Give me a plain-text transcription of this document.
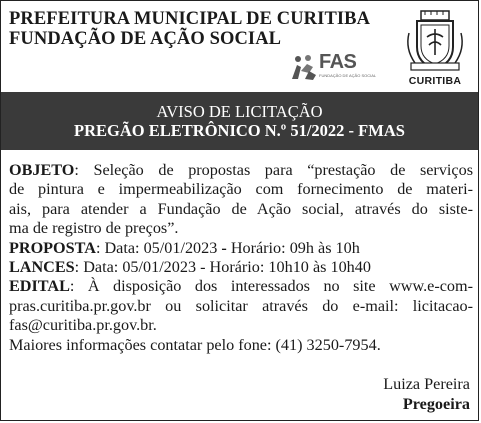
PREFEITURA MUNICIPAL DE CURITIBA
FUNDAÇÃO DE AÇÃO SOCIAL
FAS
FUNDAÇÃO DE AÇÃO SOCIAL	CURITIBA
AVISO DE LICITAÇÃO
PREGÃO ELETRÔNICO N.º 51/2022 - FMAS

OBJETO: Seleção de propostas para “prestação de serviços

de pintura e impermeabilização com fornecimento de materi-

ais, para atender a Fundação de Ação social, através do siste-

ma de registro de preços”.

PROPOSTA: Data: 05/01/2023 - Horário: 09h às 10h

LANCES: Data: 05/01/2023 - Horário: 10h10 às 10h40

EDITAL: À disposição dos interessados no site www.e-com-

pras.curitiba.pr.gov.br ou solicitar através do e-mail: licitacao-

fas@curitiba.pr.gov.br.

Maiores informações contatar pelo fone: (41) 3250-7954.

Luiza Pereira
Pregoeira
